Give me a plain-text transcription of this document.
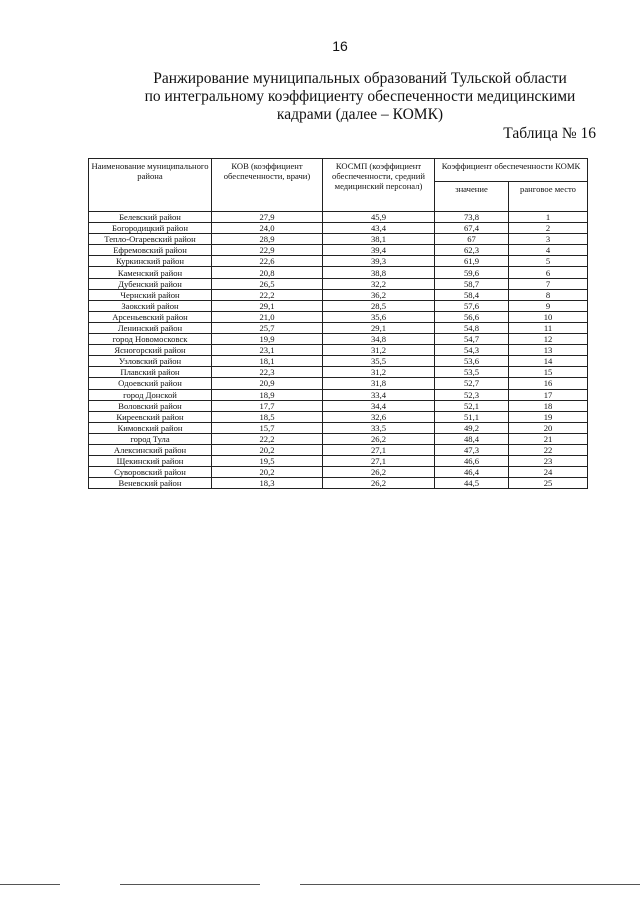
16
Ранжирование муниципальных образований Тульской области
по интегральному коэффициенту обеспеченности медицинскими
кадрами (далее – КОМК)
Таблица № 16
Наименование муниципального района	КОВ (коэффициент обеспеченности, врачи)	КОСМП (коэффициент обеспеченности, средний медицинский персонал)	Коэффициент обеспеченности КОМК	
			значение	ранговое место
Белевский район	27,9	45,9	73,8	1
Богородицкий район	24,0	43,4	67,4	2
Тепло-Огаревский район	28,9	38,1	67	3
Ефремовский район	22,9	39,4	62,3	4
Куркинский район	22,6	39,3	61,9	5
Каменский район	20,8	38,8	59,6	6
Дубенский район	26,5	32,2	58,7	7
Чернский район	22,2	36,2	58,4	8
Заокский район	29,1	28,5	57,6	9
Арсеньевский район	21,0	35,6	56,6	10
Ленинский район	25,7	29,1	54,8	11
город Новомосковск	19,9	34,8	54,7	12
Ясногорский район	23,1	31,2	54,3	13
Узловский район	18,1	35,5	53,6	14
Плавский район	22,3	31,2	53,5	15
Одоевский район	20,9	31,8	52,7	16
город Донской	18,9	33,4	52,3	17
Воловский район	17,7	34,4	52,1	18
Киреевский район	18,5	32,6	51,1	19
Кимовский район	15,7	33,5	49,2	20
город Тула	22,2	26,2	48,4	21
Алексинский район	20,2	27,1	47,3	22
Щекинский район	19,5	27,1	46,6	23
Суворовский район	20,2	26,2	46,4	24
Веневский район	18,3	26,2	44,5	25
